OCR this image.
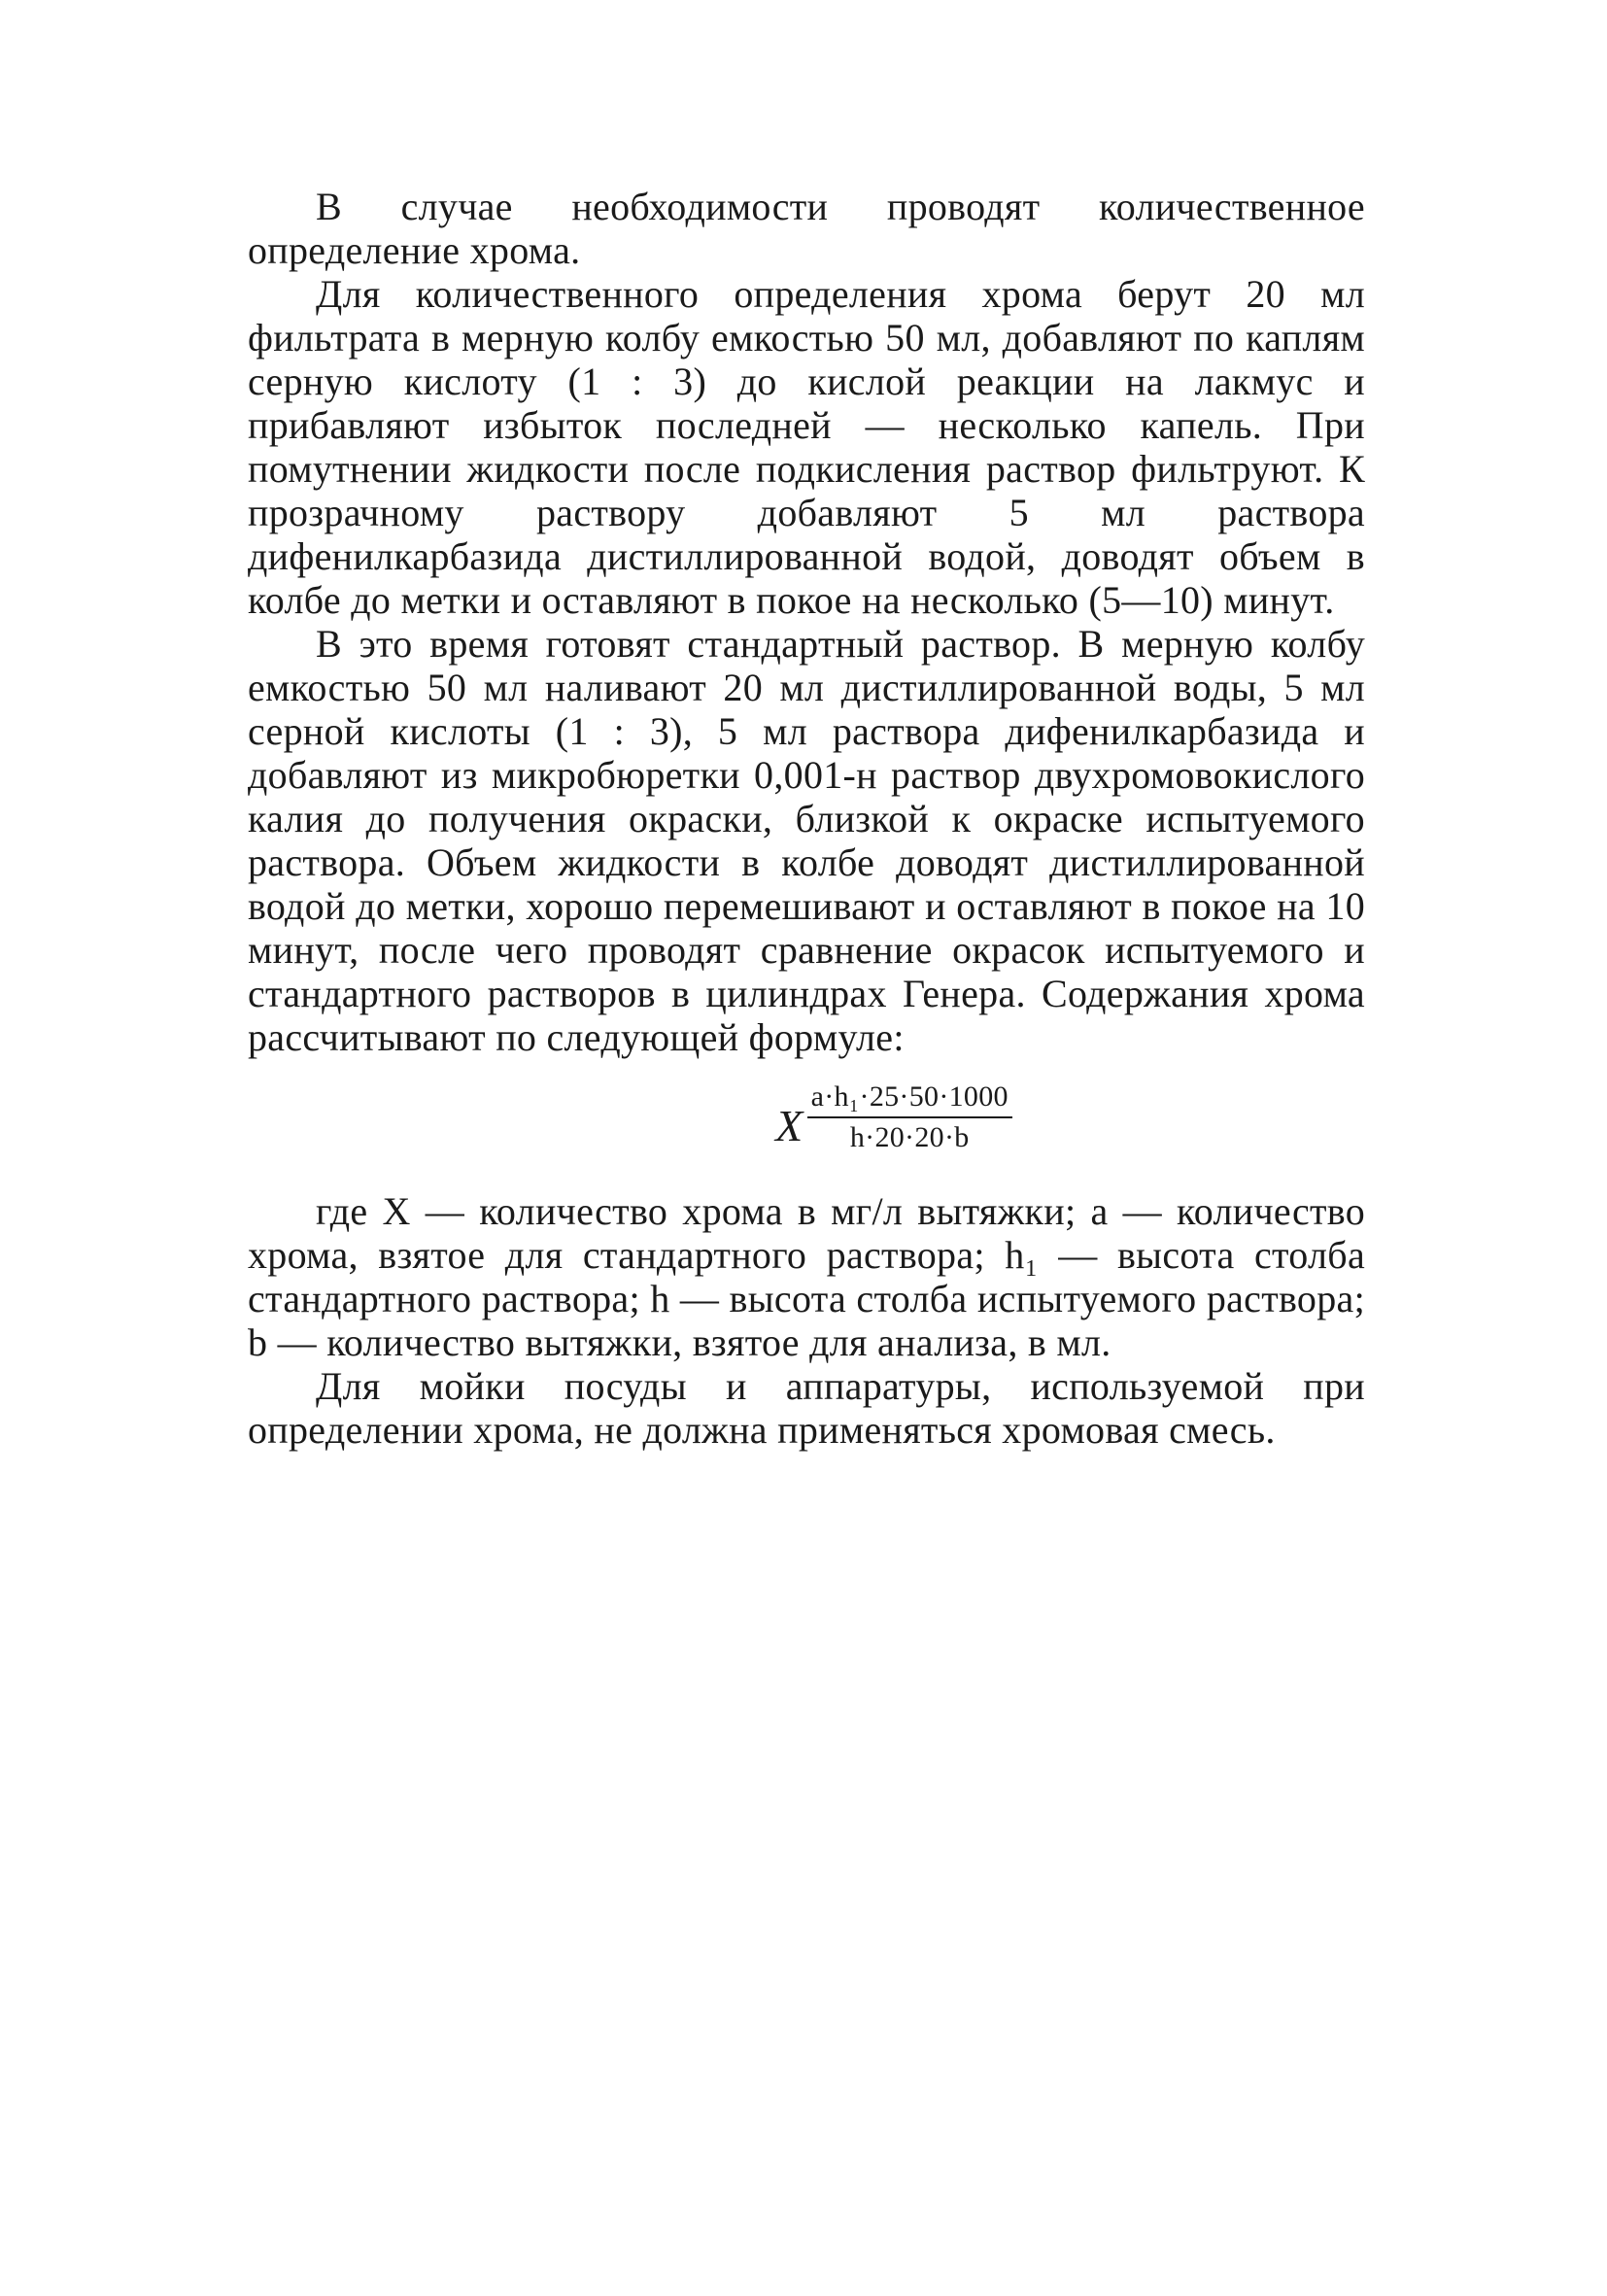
В случае необходимости проводят количественное определение хрома.

Для количественного определения хрома берут 20 мл фильтрата в мерную колбу емкостью 50 мл, добавляют по каплям серную кислоту (1 : 3) до кислой реакции на лакмус и прибавляют избыток последней — несколько капель. При помутнении жидкости после подкисления раствор фильтруют. К прозрачному раствору добавляют 5 мл раствора дифенилкарбазида дистиллированной водой, доводят объем в колбе до метки и оставляют в покое на несколько (5—10) минут.

В это время готовят стандартный раствор. В мерную колбу емкостью 50 мл наливают 20 мл дистиллированной воды, 5 мл серной кислоты (1 : 3), 5 мл раствора дифенилкарбазида и добавляют из микробюретки 0,001-н раствор двухромовокислого калия до получения окраски, близкой к окраске испытуемого раствора. Объем жидкости в колбе доводят дистиллированной водой до метки, хорошо перемешивают и оставляют в покое на 10 минут, после чего проводят сравнение окрасок испытуемого и стандартного растворов в цилиндрах Генера. Содержания хрома рассчитывают по следующей формуле:

X $\frac{\text{a·h₁·25·50·1000}}{h\cdot 20\cdot 20\cdot b}$

где X — количество хрома в мг/л вытяжки; a — количество хрома, взятое для стандартного раствора; h₁ — высота столба стандартного раствора; h — высота столба испытуемого раствора; b — количество вытяжки, взятое для анализа, в мл.

Для мойки посуды и аппаратуры, используемой при определении хрома, не должна применяться хромовая смесь.
